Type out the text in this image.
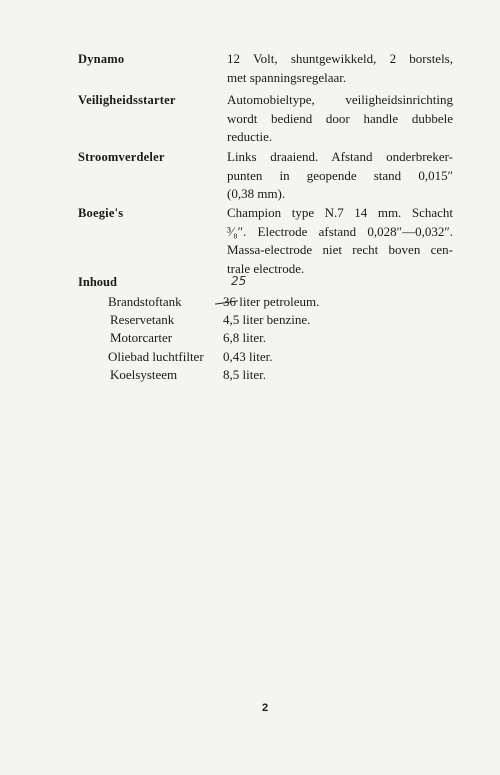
Dynamo	12 Volt, shuntgewikkeld, 2 borstels,

met spanningsregelaar.

Veiligheidsstarter	Automobieltype, veiligheidsinrichting

wordt bediend door handle dubbele

reductie.

Stroomverdeler	Links draaiend. Afstand onderbreker-

punten in geopende stand 0,015″

(0,38 mm).

Boegie's	Champion type N.7 14 mm. Schacht

³⁄₈″. Electrode afstand 0,028″—0,032″.

Massa-electrode niet recht boven cen-

trale electrode.

Inhoud	25
Brandstoftank	36 liter petroleum.
Reservetank	4,5 liter benzine.
Motorcarter	6,8 liter.
Oliebad luchtfilter 0,43 liter.
Koelsysteem	8,5 liter.
2
